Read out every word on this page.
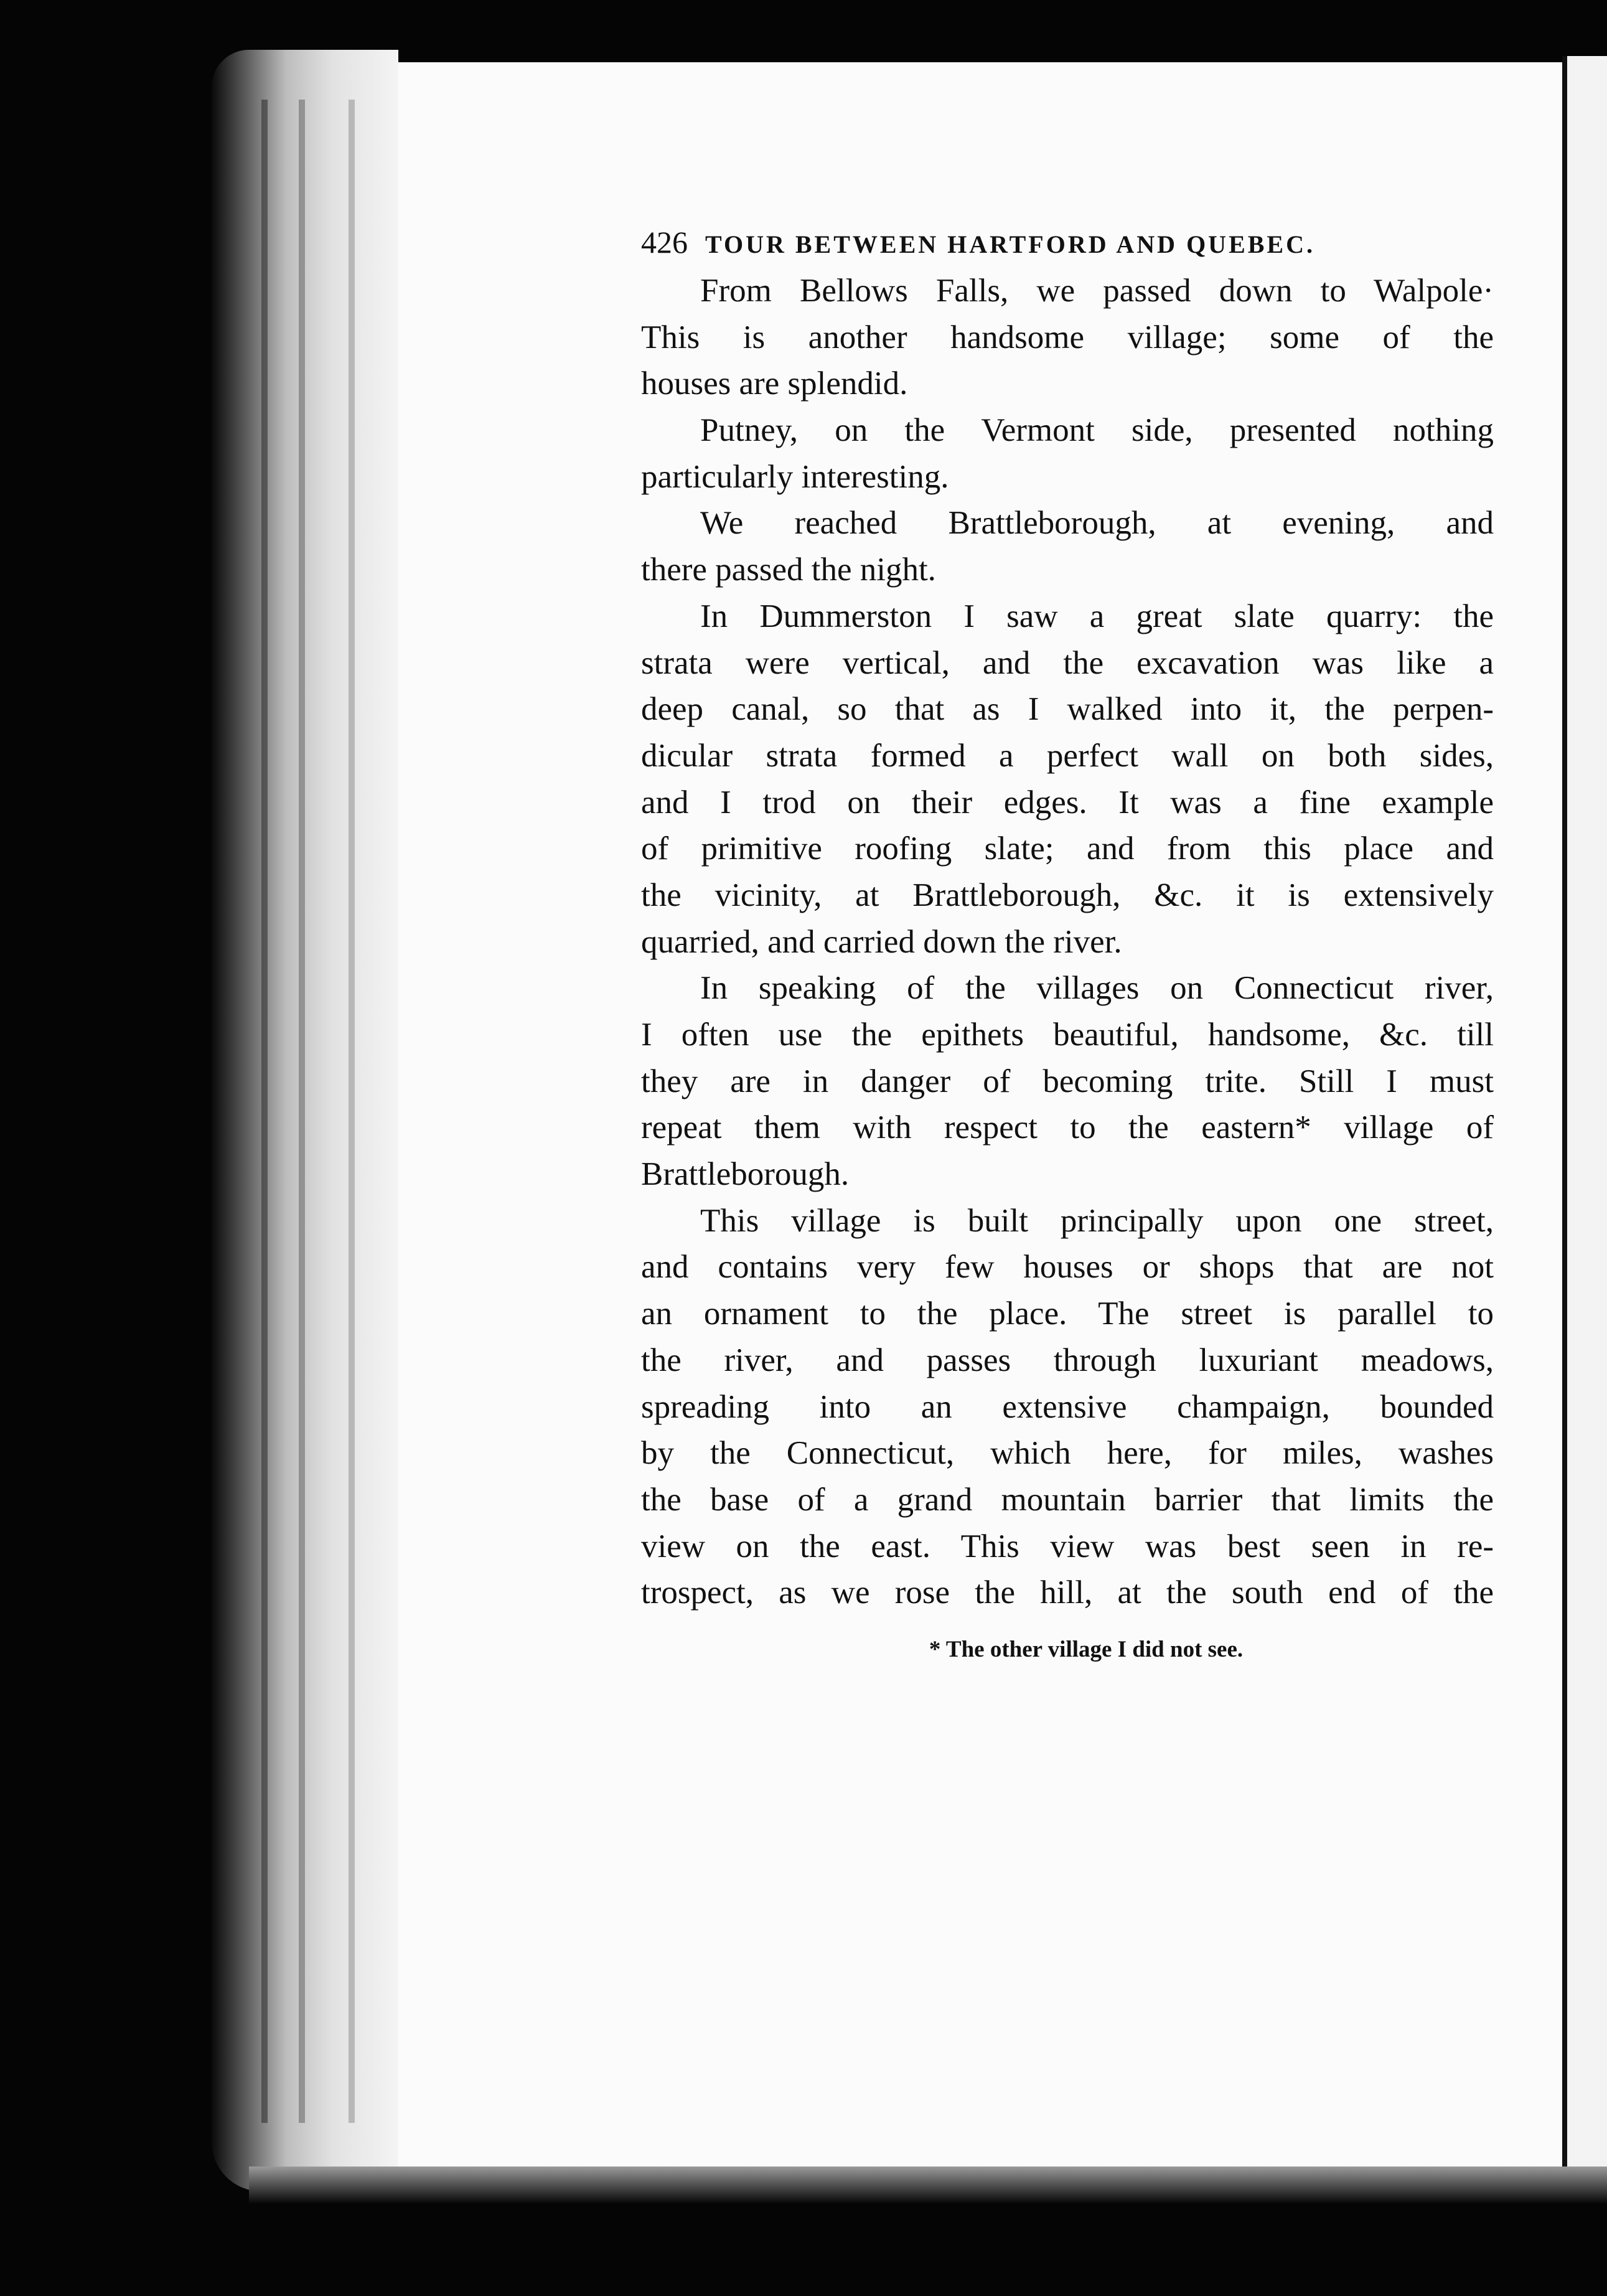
426 TOUR BETWEEN HARTFORD AND QUEBEC.
From Bellows Falls, we passed down to Walpole·
This is another handsome village; some of the
houses are splendid.
Putney, on the Vermont side, presented nothing
particularly interesting.
We reached Brattleborough, at evening, and
there passed the night.
In Dummerston I saw a great slate quarry: the
strata were vertical, and the excavation was like a
deep canal, so that as I walked into it, the perpen-
dicular strata formed a perfect wall on both sides,
and I trod on their edges. It was a fine example
of primitive roofing slate; and from this place and
the vicinity, at Brattleborough, &c. it is extensively
quarried, and carried down the river.
In speaking of the villages on Connecticut river,
I often use the epithets beautiful, handsome, &c. till
they are in danger of becoming trite. Still I must
repeat them with respect to the eastern* village of
Brattleborough.
This village is built principally upon one street,
and contains very few houses or shops that are not
an ornament to the place. The street is parallel to
the river, and passes through luxuriant meadows,
spreading into an extensive champaign, bounded
by the Connecticut, which here, for miles, washes
the base of a grand mountain barrier that limits the
view on the east. This view was best seen in re-
trospect, as we rose the hill, at the south end of the
* The other village I did not see.
